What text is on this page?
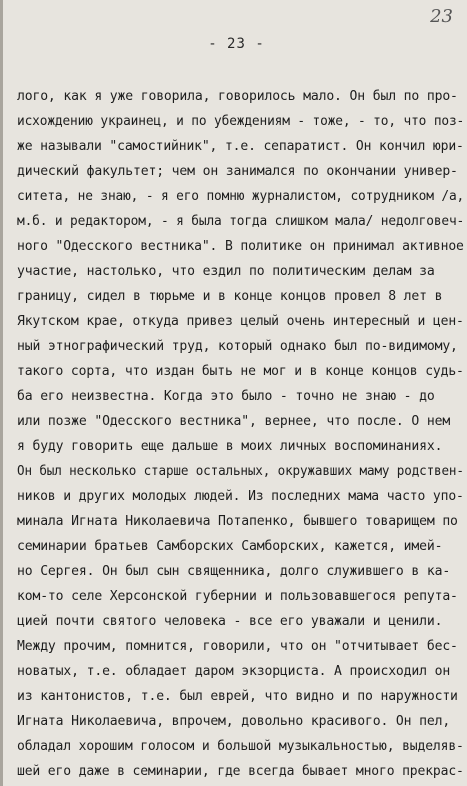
23
- 23 -
лого, как я уже говорила, говорилось мало. Он был по про-
исхождению украинец, и по убеждениям - тоже, - то, что поз-
же называли "самостийник", т.е. сепаратист. Он кончил юри-
дический факультет; чем он занимался по окончании универ-
ситета, не знаю, - я его помню журналистом, сотрудником /а,
м.б. и редактором, - я была тогда слишком мала/ недолговеч-
ного "Одесского вестника". В политике он принимал активное
участие, настолько, что ездил по политическим делам за
границу, сидел в тюрьме и в конце концов провел 8 лет в
Якутском крае, откуда привез целый очень интересный и цен-
ный этнографический труд, который однако был по-видимому,
такого сорта, что издан быть не мог и в конце концов судь-
ба его неизвестна. Когда это было - точно не знаю - до
или позже "Одесского вестника", вернее, что после. О нем
я буду говорить еще дальше в моих личных воспоминаниях.
Он был несколько старше остальных, окружавших маму родствен-
ников и других молодых людей. Из последних мама часто упо-
минала Игната Николаевича Потапенко, бывшего товарищем по
семинарии братьев Самборских Самборских, кажется, имей-
но Сергея. Он был сын священника, долго служившего в ка-
ком-то селе Херсонской губернии и пользовавшегося репута-
цией почти святого человека - все его уважали и ценили.
Между прочим, помнится, говорили, что он "отчитывает бес-
новатых, т.е. обладает даром экзорциста. А происходил он
из кантонистов, т.е. был еврей, что видно и по наружности
Игната Николаевича, впрочем, довольно красивого. Он пел,
обладал хорошим голосом и большой музыкальностью, выделяв-
шей его даже в семинарии, где всегда бывает много прекрас-
